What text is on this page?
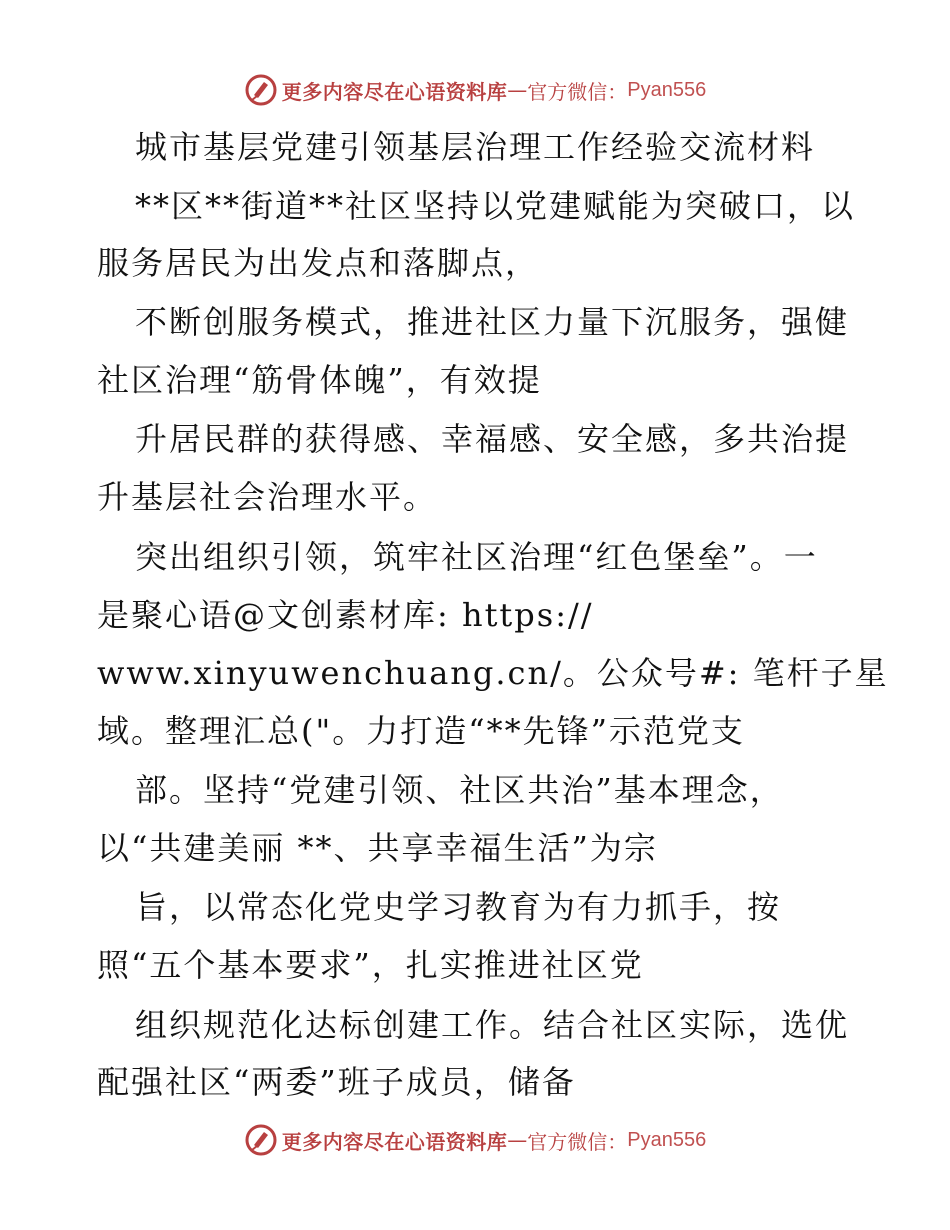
更多内容尽在心语资料库 — 官方微信： Pyan556
城市基层党建引领基层治理工作经验交流材料
**区**街道**社区坚持以党建赋能为突破口，以
服务居民为出发点和落脚点，
不断创服务模式，推进社区力量下沉服务，强健
社区治理“筋骨体魄”，有效提
升居民群的获得感、幸福感、安全感，多共治提
升基层社会治理水平。
突出组织引领，筑牢社区治理“红色堡垒”。一
是聚心语@文创素材库: https://
www.xinyuwenchuang.cn/。公众号#: 笔杆子星
域。整理汇总("。力打造“**先锋”示范党支
部。坚持“党建引领、社区共治”基本理念，
以“共建美丽 **、共享幸福生活”为宗
旨，以常态化党史学习教育为有力抓手，按
照“五个基本要求”，扎实推进社区党
组织规范化达标创建工作。结合社区实际，选优
配强社区“两委”班子成员，储备
更多内容尽在心语资料库 — 官方微信： Pyan556
